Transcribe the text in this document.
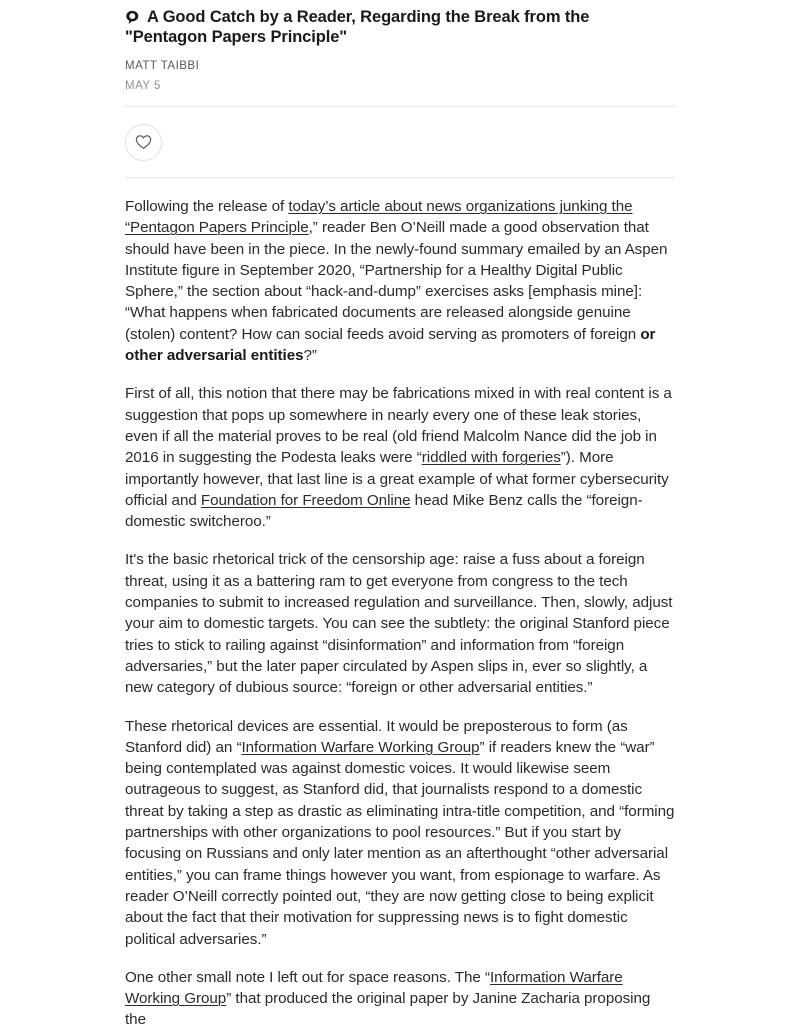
A Good Catch by a Reader, Regarding the Break from the "Pentagon Papers Principle"
MATT TAIBBI
MAY 5

Following the release of today’s article about news organizations junking the “Pentagon Papers Principle,” reader Ben O’Neill made a good observation that should have been in the piece. In the newly-found summary emailed by an Aspen Institute figure in September 2020, “Partnership for a Healthy Digital Public Sphere,” the section about “hack-and-dump” exercises asks [emphasis mine]: “What happens when fabricated documents are released alongside genuine (stolen) content? How can social feeds avoid serving as promoters of foreign or other adversarial entities?”

First of all, this notion that there may be fabrications mixed in with real content is a suggestion that pops up somewhere in nearly every one of these leak stories, even if all the material proves to be real (old friend Malcolm Nance did the job in 2016 in suggesting the Podesta leaks were “riddled with forgeries”). More importantly however, that last line is a great example of what former cybersecurity official and Foundation for Freedom Online head Mike Benz calls the “foreign-domestic switcheroo.”

It's the basic rhetorical trick of the censorship age: raise a fuss about a foreign threat, using it as a battering ram to get everyone from congress to the tech companies to submit to increased regulation and surveillance. Then, slowly, adjust your aim to domestic targets. You can see the subtlety: the original Stanford piece tries to stick to railing against “disinformation” and information from “foreign adversaries,” but the later paper circulated by Aspen slips in, ever so slightly, a new category of dubious source: “foreign or other adversarial entities.”

These rhetorical devices are essential. It would be preposterous to form (as Stanford did) an “Information Warfare Working Group” if readers knew the “war” being contemplated was against domestic voices. It would likewise seem outrageous to suggest, as Stanford did, that journalists respond to a domestic threat by taking a step as drastic as eliminating intra-title competition, and “forming partnerships with other organizations to pool resources.” But if you start by focusing on Russians and only later mention as an afterthought “other adversarial entities,” you can frame things however you want, from espionage to warfare. As reader O’Neill correctly pointed out, “they are now getting close to being explicit about the fact that their motivation for suppressing news is to fight domestic political adversaries.”

One other small note I left out for space reasons. The “Information Warfare Working Group” that produced the original paper by Janine Zacharia proposing the
